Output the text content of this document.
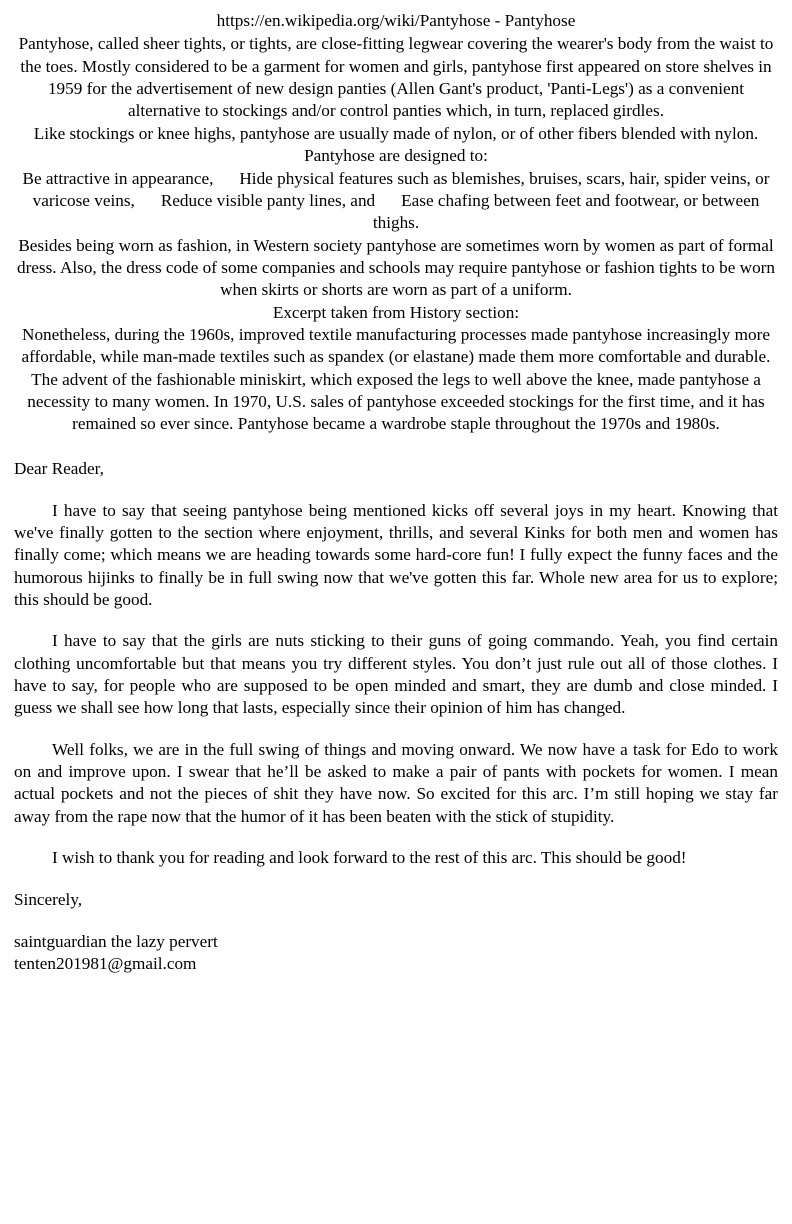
https://en.wikipedia.org/wiki/Pantyhose - Pantyhose
Pantyhose, called sheer tights, or tights, are close-fitting legwear covering the wearer's body from the waist to the toes. Mostly considered to be a garment for women and girls, pantyhose first appeared on store shelves in 1959 for the advertisement of new design panties (Allen Gant's product, 'Panti-Legs') as a convenient alternative to stockings and/or control panties which, in turn, replaced girdles.
Like stockings or knee highs, pantyhose are usually made of nylon, or of other fibers blended with nylon.
Pantyhose are designed to:
Be attractive in appearance, Hide physical features such as blemishes, bruises, scars, hair, spider veins, or varicose veins, Reduce visible panty lines, and Ease chafing between feet and footwear, or between thighs.
Besides being worn as fashion, in Western society pantyhose are sometimes worn by women as part of formal dress. Also, the dress code of some companies and schools may require pantyhose or fashion tights to be worn when skirts or shorts are worn as part of a uniform.
Excerpt taken from History section:
Nonetheless, during the 1960s, improved textile manufacturing processes made pantyhose increasingly more affordable, while man-made textiles such as spandex (or elastane) made them more comfortable and durable. The advent of the fashionable miniskirt, which exposed the legs to well above the knee, made pantyhose a necessity to many women. In 1970, U.S. sales of pantyhose exceeded stockings for the first time, and it has remained so ever since. Pantyhose became a wardrobe staple throughout the 1970s and 1980s.

Dear Reader,

I have to say that seeing pantyhose being mentioned kicks off several joys in my heart. Knowing that we've finally gotten to the section where enjoyment, thrills, and several Kinks for both men and women has finally come; which means we are heading towards some hard-core fun! I fully expect the funny faces and the humorous hijinks to finally be in full swing now that we've gotten this far. Whole new area for us to explore; this should be good.

I have to say that the girls are nuts sticking to their guns of going commando. Yeah, you find certain clothing uncomfortable but that means you try different styles. You don’t just rule out all of those clothes. I have to say, for people who are supposed to be open minded and smart, they are dumb and close minded. I guess we shall see how long that lasts, especially since their opinion of him has changed.

Well folks, we are in the full swing of things and moving onward. We now have a task for Edo to work on and improve upon. I swear that he’ll be asked to make a pair of pants with pockets for women. I mean actual pockets and not the pieces of shit they have now. So excited for this arc. I’m still hoping we stay far away from the rape now that the humor of it has been beaten with the stick of stupidity.

I wish to thank you for reading and look forward to the rest of this arc. This should be good!

Sincerely,

saintguardian the lazy pervert

tenten201981@gmail.com
